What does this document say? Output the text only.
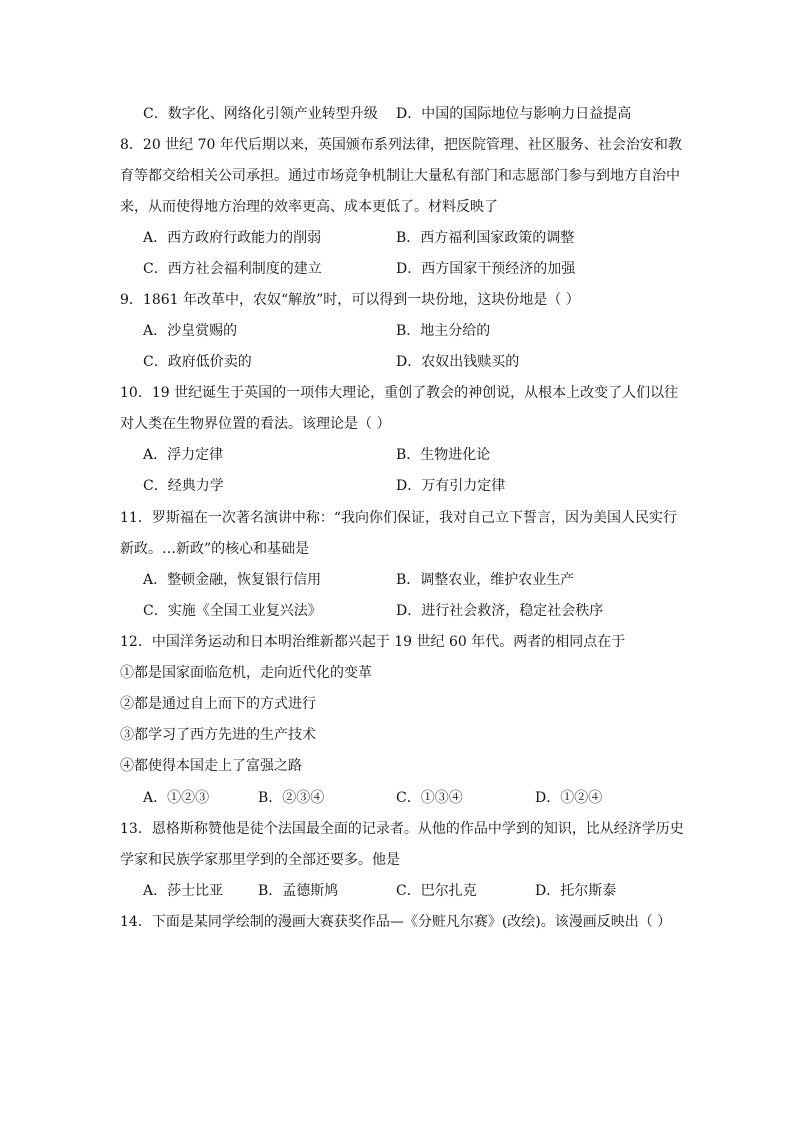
C．数字化、网络化引领产业转型升级 D．中国的国际地位与影响力日益提高
8．20 世纪 70 年代后期以来，英国颁布系列法律，把医院管理、社区服务、社会治安和教
育等都交给相关公司承担。通过市场竞争机制让大量私有部门和志愿部门参与到地方自治中
来，从而使得地方治理的效率更高、成本更低了。材料反映了
A．西方政府行政能力的削弱	B．西方福利国家政策的调整
C．西方社会福利制度的建立	D．西方国家干预经济的加强
9．1861 年改革中，农奴“解放”时，可以得到一块份地，这块份地是（ ）
A．沙皇赏赐的	B．地主分给的
C．政府低价卖的	D．农奴出钱赎买的
10．19 世纪诞生于英国的一项伟大理论，重创了教会的神创说，从根本上改变了人们以往
对人类在生物界位置的看法。该理论是（ ）
A．浮力定律	B．生物进化论
C．经典力学	D．万有引力定律
11．罗斯福在一次著名演讲中称：“我向你们保证，我对自己立下誓言，因为美国人民实行
新政。…新政”的核心和基础是
A．整顿金融，恢复银行信用	B．调整农业，维护农业生产
C．实施《全国工业复兴法》	D．进行社会救济，稳定社会秩序
12．中国洋务运动和日本明治维新都兴起于 19 世纪 60 年代。两者的相同点在于
①都是国家面临危机，走向近代化的变革
②都是通过自上而下的方式进行
③都学习了西方先进的生产技术
④都使得本国走上了富强之路
A．①②③	B．②③④	C．①③④	D．①②④
13．恩格斯称赞他是徒个法国最全面的记录者。从他的作品中学到的知识，比从经济学历史
学家和民族学家那里学到的全部还要多。他是
A．莎士比亚 B．孟德斯鸠	C．巴尔扎克	D．托尔斯泰
14．下面是某同学绘制的漫画大赛获奖作品—《分赃凡尔赛》(改绘)。该漫画反映出（ ）
